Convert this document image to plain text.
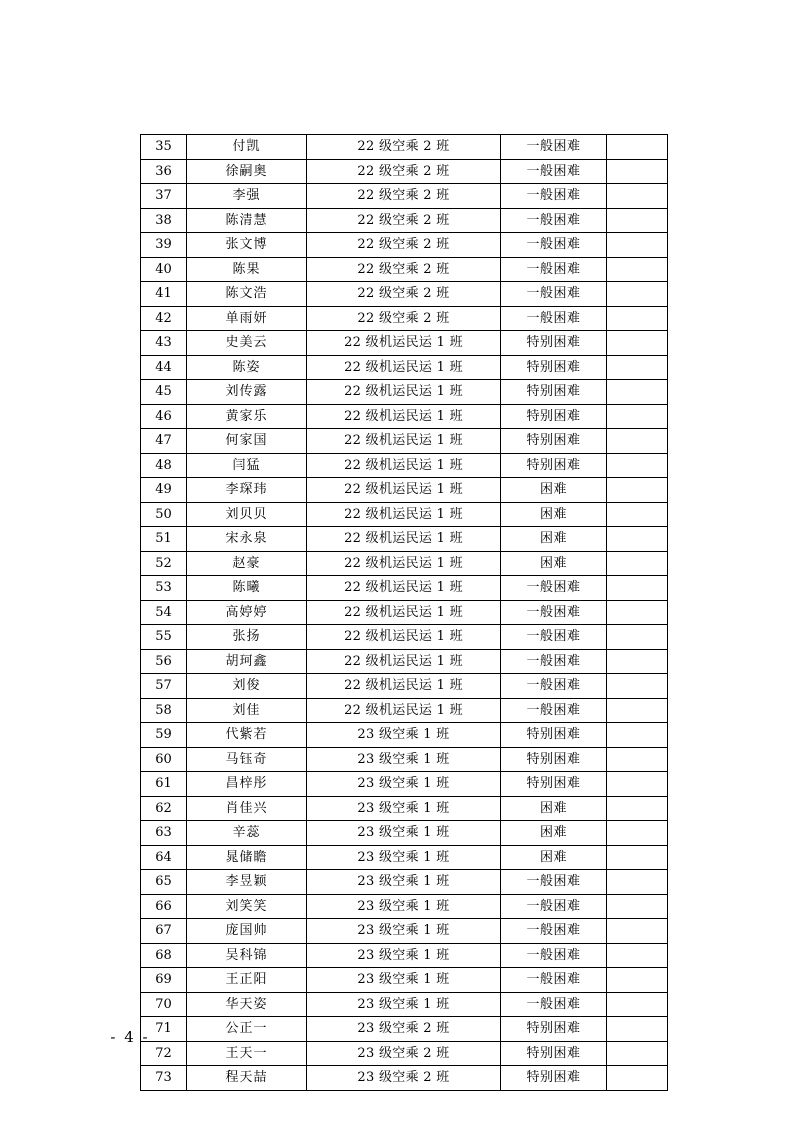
35	付凯	22 级空乘 2 班	一般困难	
36	徐嗣奥	22 级空乘 2 班	一般困难	
37	李强	22 级空乘 2 班	一般困难	
38	陈清慧	22 级空乘 2 班	一般困难	
39	张文博	22 级空乘 2 班	一般困难	
40	陈果	22 级空乘 2 班	一般困难	
41	陈文浩	22 级空乘 2 班	一般困难	
42	单雨妍	22 级空乘 2 班	一般困难	
43	史美云	22 级机运民运 1 班	特别困难	
44	陈姿	22 级机运民运 1 班	特别困难	
45	刘传露	22 级机运民运 1 班	特别困难	
46	黄家乐	22 级机运民运 1 班	特别困难	
47	何家国	22 级机运民运 1 班	特别困难	
48	闫猛	22 级机运民运 1 班	特别困难	
49	李琛玮	22 级机运民运 1 班	困难	
50	刘贝贝	22 级机运民运 1 班	困难	
51	宋永泉	22 级机运民运 1 班	困难	
52	赵豪	22 级机运民运 1 班	困难	
53	陈曦	22 级机运民运 1 班	一般困难	
54	高婷婷	22 级机运民运 1 班	一般困难	
55	张扬	22 级机运民运 1 班	一般困难	
56	胡珂鑫	22 级机运民运 1 班	一般困难	
57	刘俊	22 级机运民运 1 班	一般困难	
58	刘佳	22 级机运民运 1 班	一般困难	
59	代紫若	23 级空乘 1 班	特别困难	
60	马钰奇	23 级空乘 1 班	特别困难	
61	昌梓彤	23 级空乘 1 班	特别困难	
62	肖佳兴	23 级空乘 1 班	困难	
63	辛蕊	23 级空乘 1 班	困难	
64	晁储瞻	23 级空乘 1 班	困难	
65	李昱颖	23 级空乘 1 班	一般困难	
66	刘笑笑	23 级空乘 1 班	一般困难	
67	庞国帅	23 级空乘 1 班	一般困难	
68	吴科锦	23 级空乘 1 班	一般困难	
69	王正阳	23 级空乘 1 班	一般困难	
70	华天姿	23 级空乘 1 班	一般困难	
71	公正一	23 级空乘 2 班	特别困难	
72	王天一	23 级空乘 2 班	特别困难	
73	程天喆	23 级空乘 2 班	特别困难	
- 4 -
